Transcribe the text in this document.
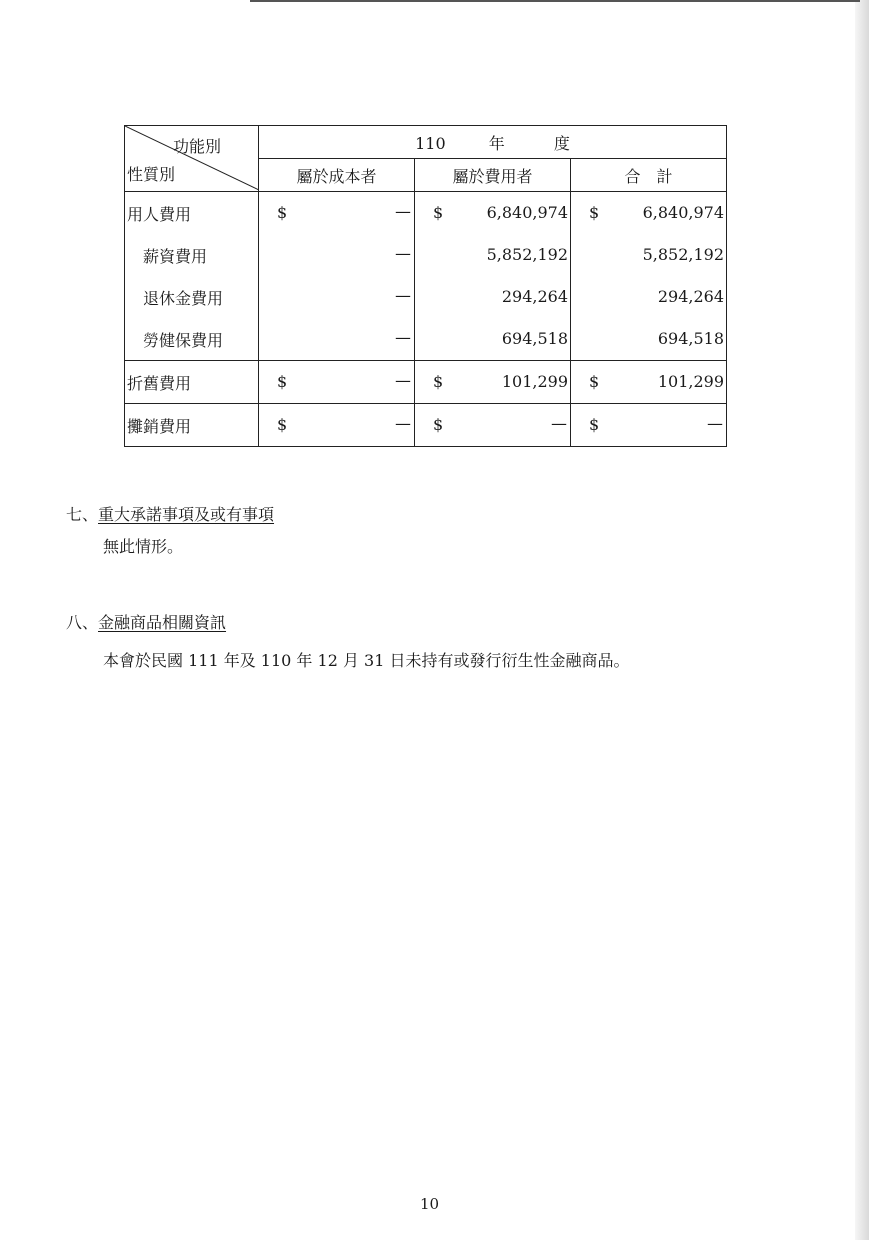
功能別
性質別	110 年 度		
	屬於成本者	屬於費用者	合　計
用人費用	$ —	$ 6,840,974	$ 6,840,974

薪資費用	—	5,852,192	5,852,192

退休金費用	—	294,264	294,264

勞健保費用	—	694,518	694,518

折舊費用	$ —	$ 101,299	$ 101,299

攤銷費用	$ —	$ —	$ —
七、重大承諾事項及或有事項
無此情形。
八、金融商品相關資訊
本會於民國 111 年及 110 年 12 月 31 日未持有或發行衍生性金融商品。
10
